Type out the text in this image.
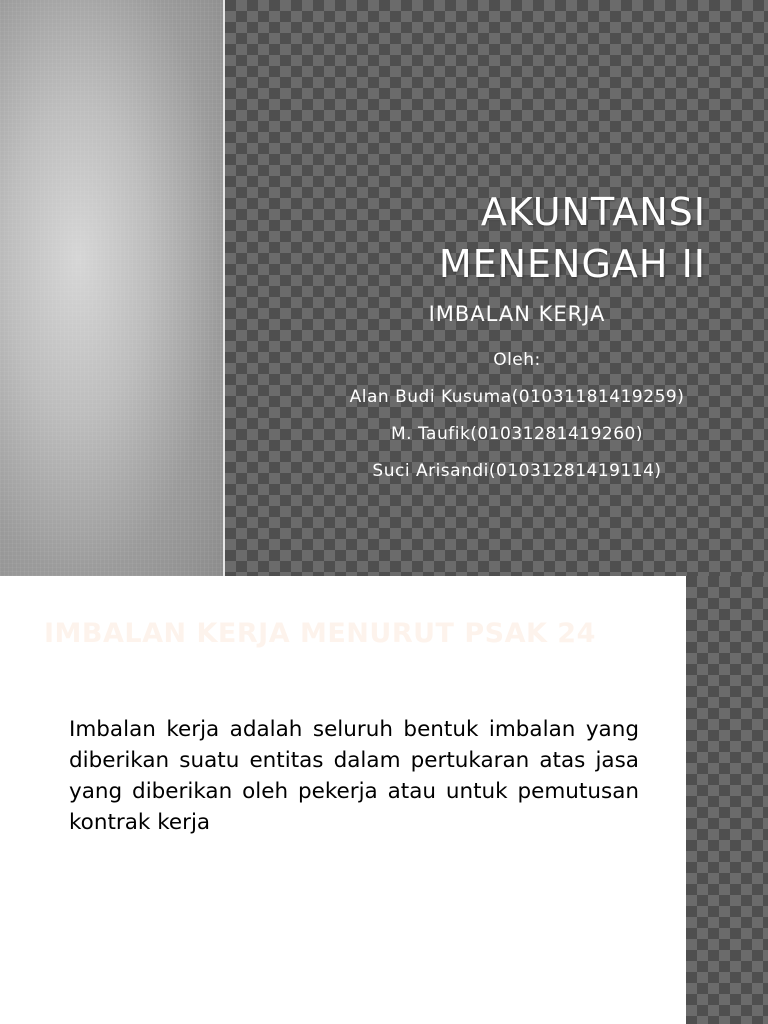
AKUNTANSI
MENENGAH II
IMBALAN KERJA
Oleh:
Alan Budi Kusuma(01031181419259)
M. Taufik(01031281419260)
Suci Arisandi(01031281419114)
IMBALAN KERJA MENURUT PSAK 24

Imbalan kerja adalah seluruh bentuk imbalan yang diberikan suatu entitas dalam pertukaran atas jasa yang diberikan oleh pekerja atau untuk pemutusan kontrak kerja
